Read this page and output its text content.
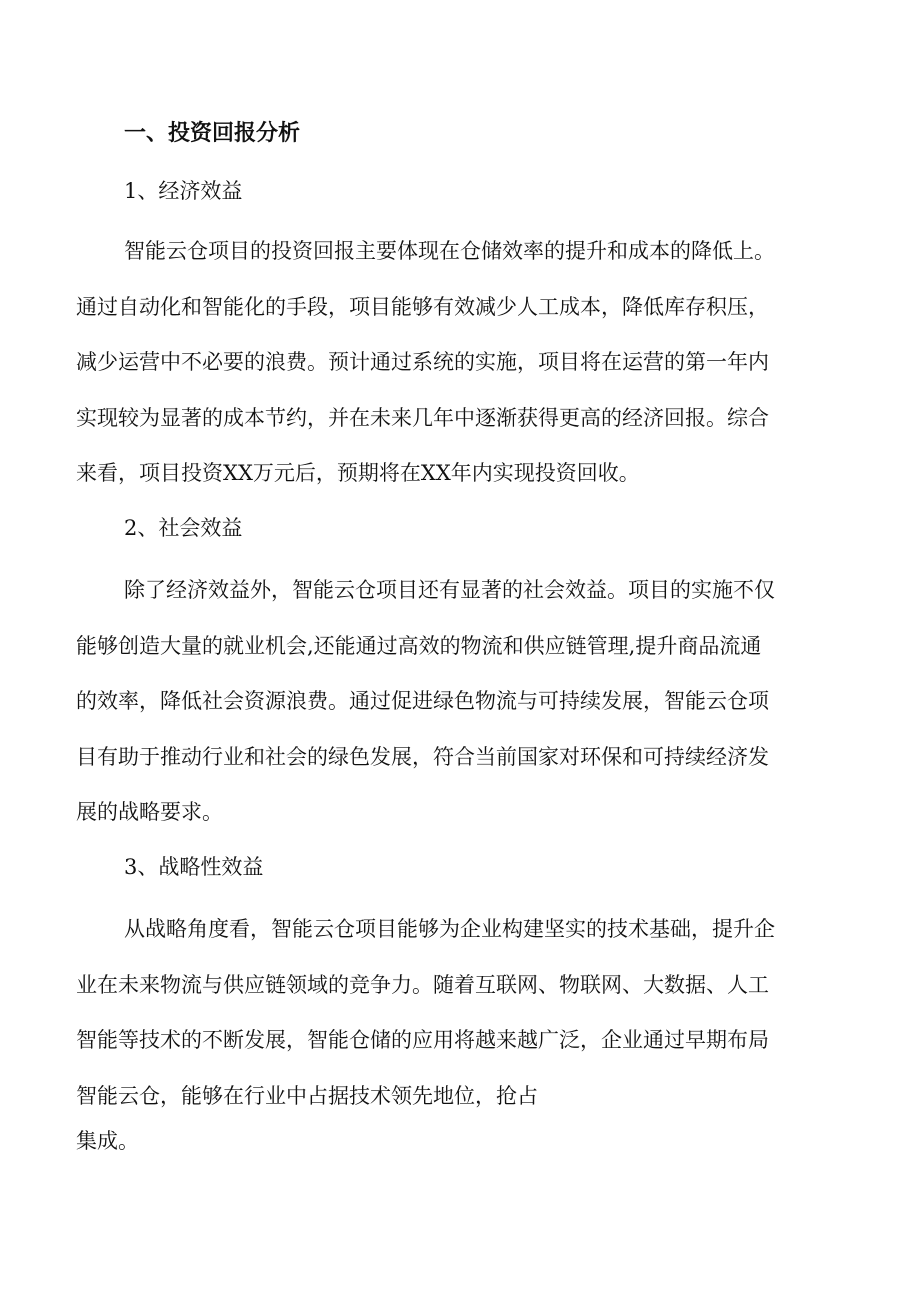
一、投资回报分析
1、经济效益
智能云仓项目的投资回报主要体现在仓储效率的提升和成本的降低上。
通过自动化和智能化的手段，项目能够有效减少人工成本，降低库存积压，
减少运营中不必要的浪费。预计通过系统的实施，项目将在运营的第一年内
实现较为显著的成本节约，并在未来几年中逐渐获得更高的经济回报。综合
来看，项目投资XX万元后，预期将在XX年内实现投资回收。
2、社会效益
除了经济效益外，智能云仓项目还有显著的社会效益。项目的实施不仅
能够创造大量的就业机会,还能通过高效的物流和供应链管理,提升商品流通
的效率，降低社会资源浪费。通过促进绿色物流与可持续发展，智能云仓项
目有助于推动行业和社会的绿色发展，符合当前国家对环保和可持续经济发
展的战略要求。
3、战略性效益
从战略角度看，智能云仓项目能够为企业构建坚实的技术基础，提升企
业在未来物流与供应链领域的竞争力。随着互联网、物联网、大数据、人工
智能等技术的不断发展，智能仓储的应用将越来越广泛，企业通过早期布局
智能云仓，能够在行业中占据技术领先地位，抢占
集成。
